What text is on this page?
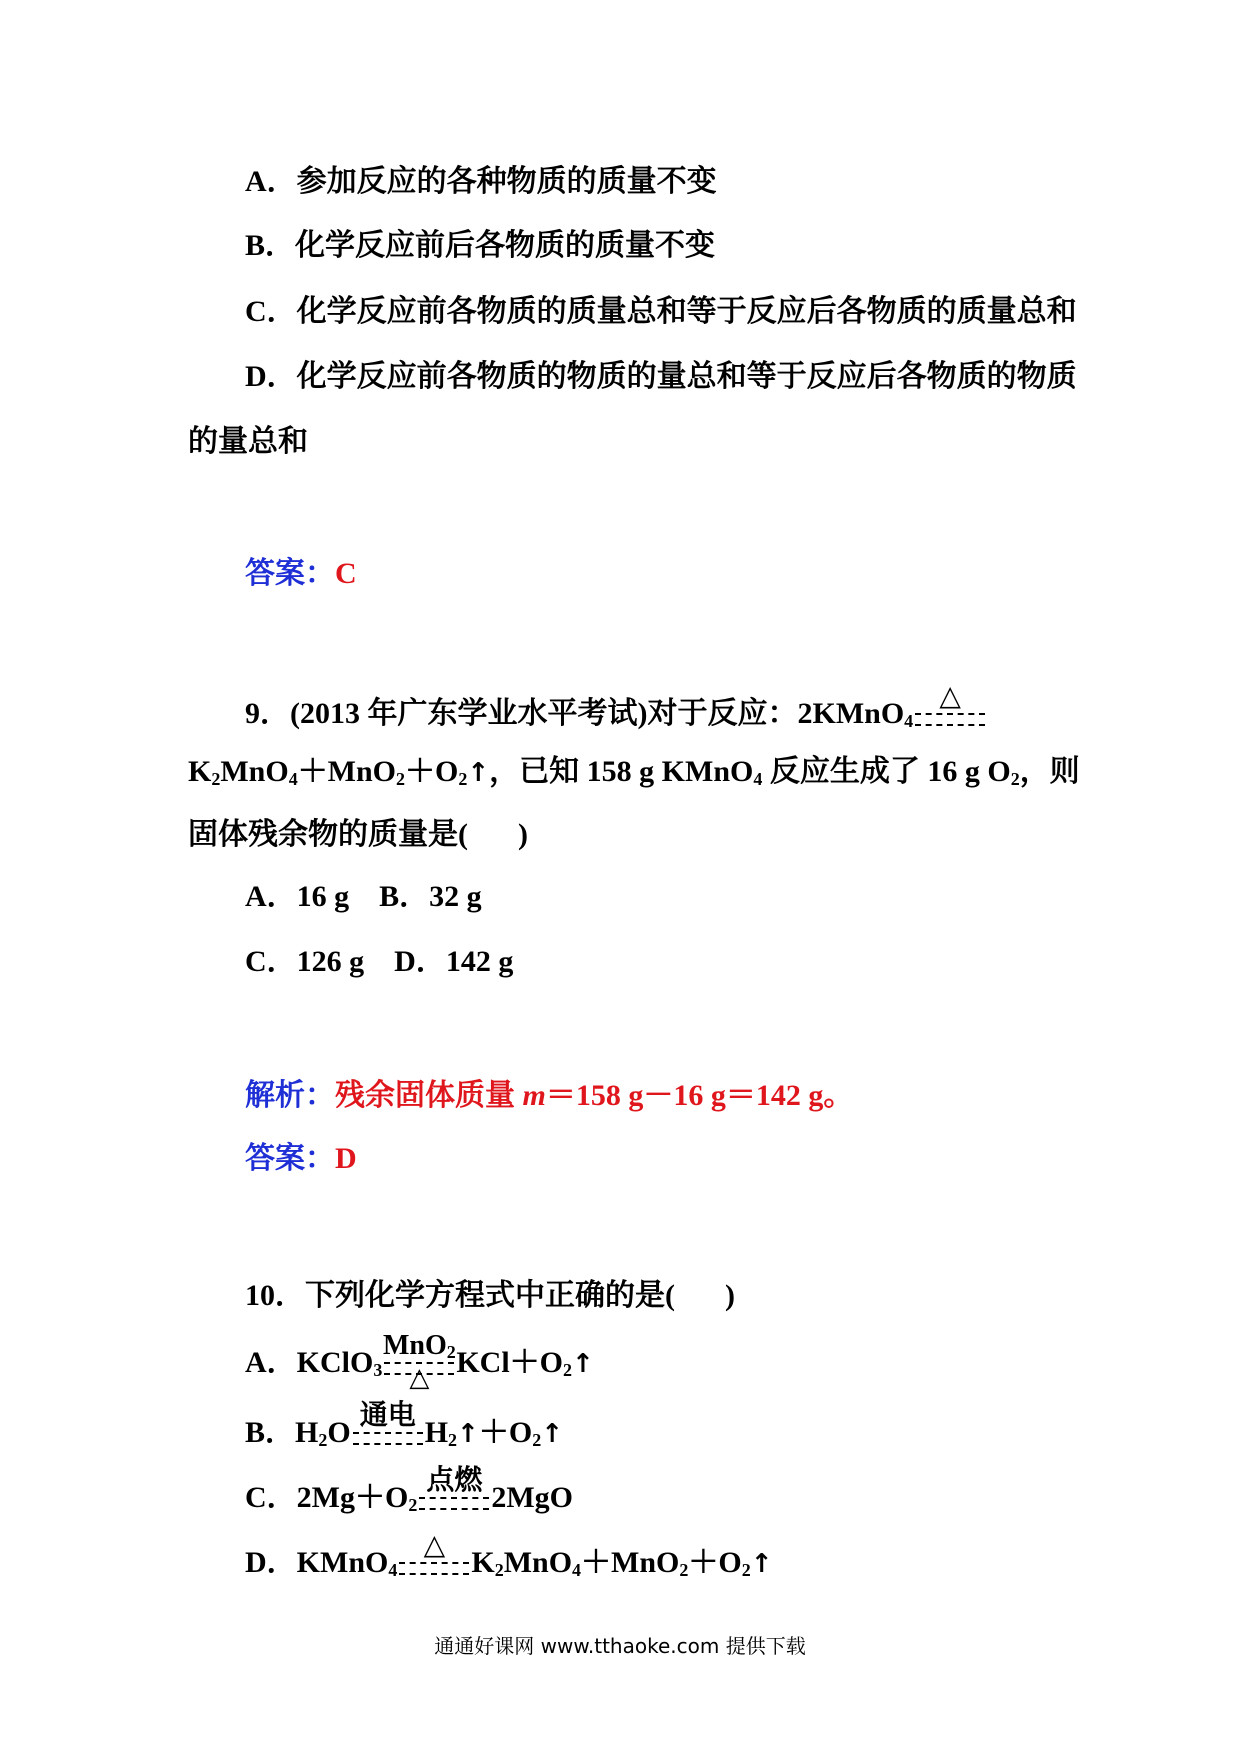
A．参加反应的各种物质的质量不变
B．化学反应前后各物质的质量不变
C．化学反应前各物质的质量总和等于反应后各物质的质量总和
D．化学反应前各物质的物质的量总和等于反应后各物质的物质
的量总和
答案：C
9．(2013 年广东学业水平考试)对于反应：2KMnO$_4$
△
$K_2MnO_4+MnO_2+O_2↑$，已知 158 g KMnO$_4$ 反应生成了 16 g $O_2$，则
固体残余物的质量是( )
A．16 g　B．32 g
C．126 g　D．142 g
解析：残余固体质量 m＝158 g－16 g＝142 g。
答案：D
10．下列化学方程式中正确的是( )
A．KClO$_3$
MnO$_2$
△ $KCl+O_2↑$
B．$H_2O$
通电
$H_2↑+O_2↑$
C．$2Mg+O_2$
点燃
2MgO
D．KMnO$_4$
△
$K_2MnO_4+MnO_2+O_2↑$
通通好课网 www.tthaoke.com 提供下载
